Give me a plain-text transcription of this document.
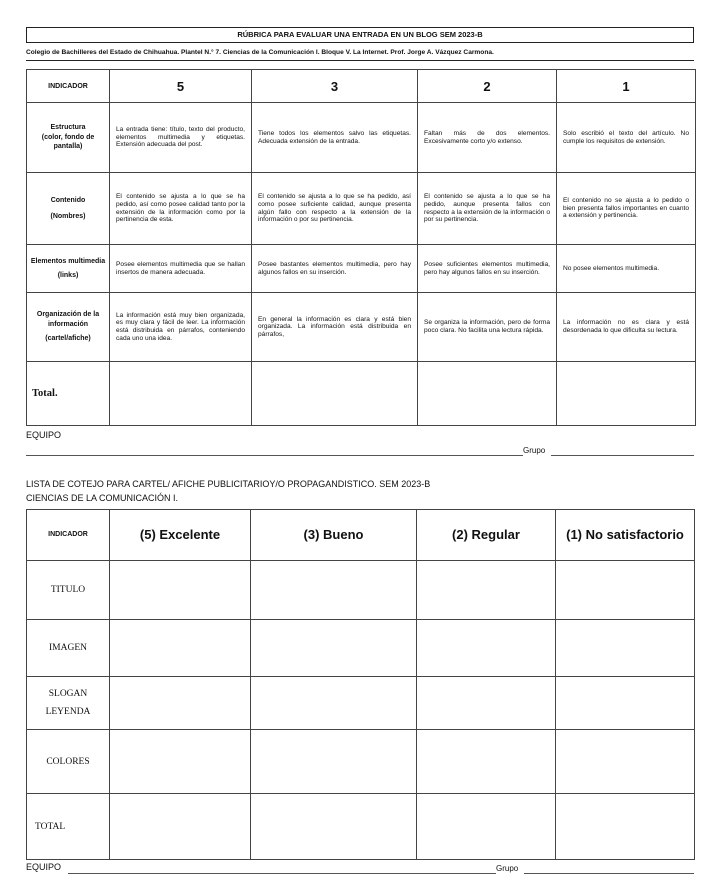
RÚBRICA PARA EVALUAR UNA ENTRADA EN UN BLOG SEM 2023-B
Colegio de Bachilleres del Estado de Chihuahua. Plantel N.° 7. Ciencias de la Comunicación I. Bloque V. La Internet. Prof. Jorge A. Vázquez Carmona.
INDICADOR	5	3	2	1

Estructura
(color, fondo de pantalla)	La entrada tiene: título, texto del producto, elementos multimedia y etiquetas. Extensión adecuada del post.	Tiene todos los elementos salvo las etiquetas. Adecuada extensión de la entrada.	Faltan más de dos elementos. Excesivamente corto y/o extenso.	Solo escribió el texto del artículo. No cumple los requisitos de extensión.

Contenido
(Nombres)	El contenido se ajusta a lo que se ha pedido, así como posee calidad tanto por la extensión de la información como por la pertinencia de esta.	El contenido se ajusta a lo que se ha pedido, así como posee suficiente calidad, aunque presenta algún fallo con respecto a la extensión de la información o por su pertinencia.	El contenido se ajusta a lo que se ha pedido, aunque presenta fallos con respecto a la extensión de la información o por su pertinencia.	El contenido no se ajusta a lo pedido o bien presenta fallos importantes en cuanto a extensión y pertinencia.

Elementos multimedia
(links)	Posee elementos multimedia que se hallan insertos de manera adecuada.	Posee bastantes elementos multimedia, pero hay algunos fallos en su inserción.	Posee suficientes elementos multimedia, pero hay algunos fallos en su inserción.	No posee elementos multimedia.

Organización de la información
(cartel/afiche)	La información está muy bien organizada, es muy clara y fácil de leer. La información está distribuida en párrafos, conteniendo cada uno una idea.	En general la información es clara y está bien organizada. La información está distribuida en párrafos,	Se organiza la información, pero de forma poco clara. No facilita una lectura rápida.	La información no es clara y está desordenada lo que dificulta su lectura.
Total.				
EQUIPO
Grupo
LISTA DE COTEJO PARA CARTEL/ AFICHE PUBLICITARIOY/O PROPAGANDISTICO. SEM 2023-B
CIENCIAS DE LA COMUNICACIÓN I.
INDICADOR	(5) Excelente	(3) Bueno	(2) Regular	(1) No satisfactorio
TITULO				
IMAGEN				
SLOGAN LEYENDA				
COLORES				
TOTAL				
EQUIPO	Grupo
